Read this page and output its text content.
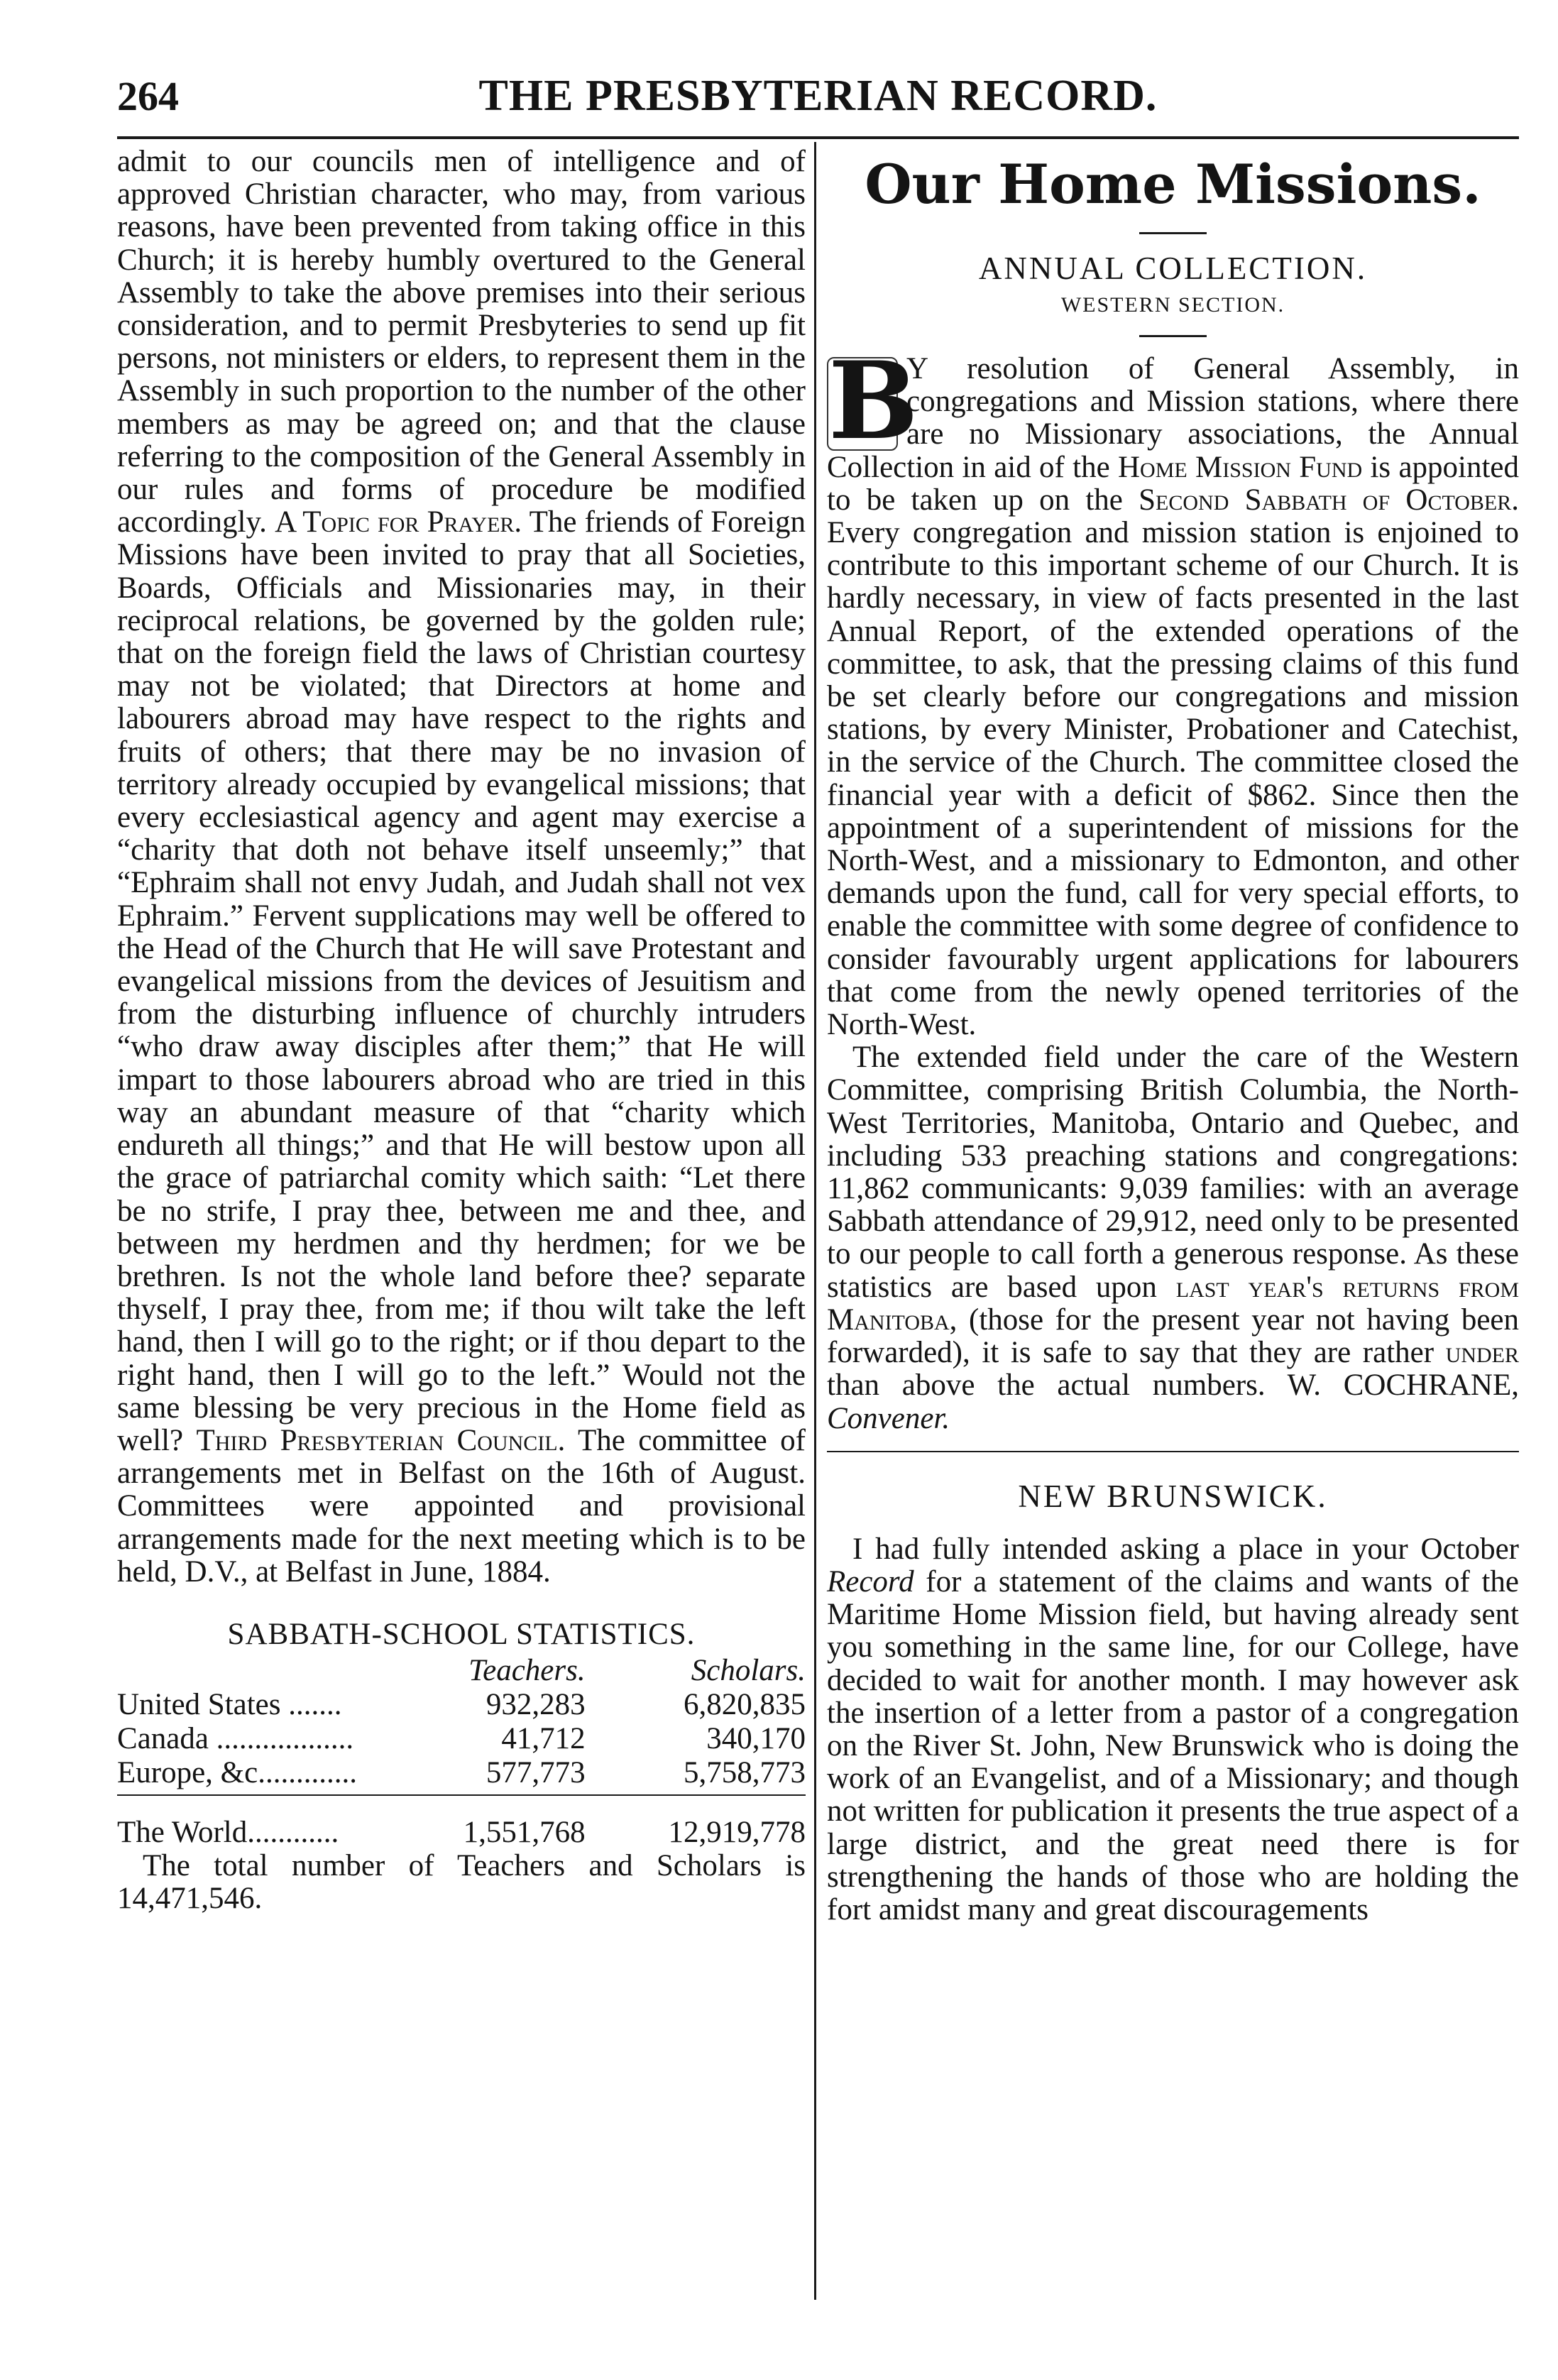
264	THE PRESBYTERIAN RECORD.

admit to our councils men of intelligence and of approved Christian character, who may, from various reasons, have been prevented from taking office in this Church; it is hereby humbly overtured to the General Assembly to take the above premises into their serious consideration, and to permit Presbyteries to send up fit persons, not ministers or elders, to represent them in the Assembly in such proportion to the number of the other members as may be agreed on; and that the clause referring to the composition of the General Assembly in our rules and forms of procedure be modified accordingly. A Topic for Prayer. The friends of Foreign Missions have been invited to pray that all Societies, Boards, Officials and Missionaries may, in their reciprocal relations, be governed by the golden rule; that on the foreign field the laws of Christian courtesy may not be violated; that Directors at home and labourers abroad may have respect to the rights and fruits of others; that there may be no invasion of territory already occupied by evangelical missions; that every ecclesiastical agency and agent may exercise a “charity that doth not behave itself unseemly;” that “Ephraim shall not envy Judah, and Judah shall not vex Ephraim.” Fervent supplications may well be offered to the Head of the Church that He will save Protestant and evangelical missions from the devices of Jesuitism and from the disturbing influence of churchly intruders “who draw away disciples after them;” that He will impart to those labourers abroad who are tried in this way an abundant measure of that “charity which endureth all things;” and that He will bestow upon all the grace of patriarchal comity which saith: “Let there be no strife, I pray thee, between me and thee, and between my herdmen and thy herdmen; for we be brethren. Is not the whole land before thee? separate thyself, I pray thee, from me; if thou wilt take the left hand, then I will go to the right; or if thou depart to the right hand, then I will go to the left.” Would not the same blessing be very precious in the Home field as well? Third Presbyterian Council. The committee of arrangements met in Belfast on the 16th of August. Committees were appointed and provisional arrangements made for the next meeting which is to be held, D.V., at Belfast in June, 1884.

SABBATH-SCHOOL STATISTICS.
	Teachers.	Scholars.
United States .......	932,283	6,820,835
Canada ..................	41,712	340,170
Europe, &c.............	577,773	5,758,773

The World............	1,551,768	12,919,778

The total number of Teachers and Scholars is 14,471,546.

Our Home Missions.
ANNUAL COLLECTION.
WESTERN SECTION.

B
Y resolution of General Assembly, in congregations and Mission stations, where there are no Missionary associations, the Annual Collection in aid of the Home Mission Fund is appointed to be taken up on the Second Sabbath of October. Every congregation and mission station is enjoined to contribute to this important scheme of our Church. It is hardly necessary, in view of facts presented in the last Annual Report, of the extended operations of the committee, to ask, that the pressing claims of this fund be set clearly before our congregations and mission stations, by every Minister, Probationer and Catechist, in the service of the Church. The committee closed the financial year with a deficit of $862. Since then the appointment of a superintendent of missions for the North-West, and a missionary to Edmonton, and other demands upon the fund, call for very special efforts, to enable the committee with some degree of confidence to consider favourably urgent applications for labourers that come from the newly opened territories of the North-West.

The extended field under the care of the Western Committee, comprising British Columbia, the North-West Territories, Manitoba, Ontario and Quebec, and including 533 preaching stations and congregations: 11,862 communicants: 9,039 families: with an average Sabbath attendance of 29,912, need only to be presented to our people to call forth a generous response. As these statistics are based upon last year's returns from Manitoba, (those for the present year not having been forwarded), it is safe to say that they are rather under than above the actual numbers. W. COCHRANE, Convener.

NEW BRUNSWICK.

I had fully intended asking a place in your October Record for a statement of the claims and wants of the Maritime Home Mission field, but having already sent you something in the same line, for our College, have decided to wait for another month. I may however ask the insertion of a letter from a pastor of a congregation on the River St. John, New Brunswick who is doing the work of an Evangelist, and of a Missionary; and though not written for publication it presents the true aspect of a large district, and the great need there is for strengthening the hands of those who are holding the fort amidst many and great discouragements
